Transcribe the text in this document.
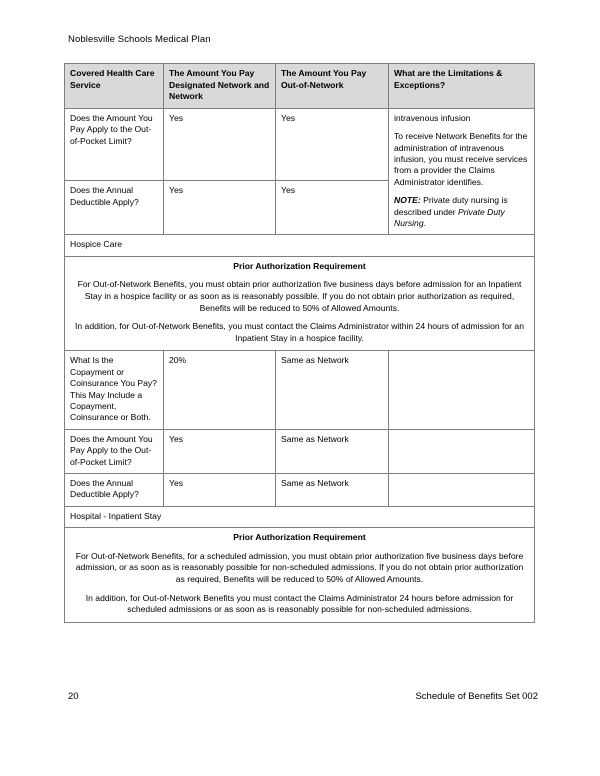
Noblesville Schools Medical Plan
Covered Health Care Service	The Amount You Pay Designated Network and Network	The Amount You Pay Out-of-Network	What are the Limitations & Exceptions?
Does the Amount You Pay Apply to the Out-of-Pocket Limit?	Yes	Yes	intravenous infusion

To receive Network Benefits for the administration of intravenous infusion, you must receive services from a provider the Claims Administrator identifies.

NOTE: Private duty nursing is described under Private Duty Nursing.

Does the Annual Deductible Apply?	Yes	Yes	
Hospice Care			

Prior Authorization Requirement
For Out-of-Network Benefits, you must obtain prior authorization five business days before admission for an Inpatient Stay in a hospice facility or as soon as is reasonably possible. If you do not obtain prior authorization as required, Benefits will be reduced to 50% of Allowed Amounts.
In addition, for Out-of-Network Benefits, you must contact the Claims Administrator within 24 hours of admission for an Inpatient Stay in a hospice facility.			

What Is the Copayment or Coinsurance You Pay? This May Include a Copayment, Coinsurance or Both.	20%	Same as Network	
Does the Amount You Pay Apply to the Out-of-Pocket Limit?	Yes	Same as Network	
Does the Annual Deductible Apply?	Yes	Same as Network	
Hospital - Inpatient Stay			

Prior Authorization Requirement
For Out-of-Network Benefits, for a scheduled admission, you must obtain prior authorization five business days before admission, or as soon as is reasonably possible for non-scheduled admissions. If you do not obtain prior authorization as required, Benefits will be reduced to 50% of Allowed Amounts.
In addition, for Out-of-Network Benefits you must contact the Claims Administrator 24 hours before admission for scheduled admissions or as soon as is reasonably possible for non-scheduled admissions.			
20	Schedule of Benefits Set 002
